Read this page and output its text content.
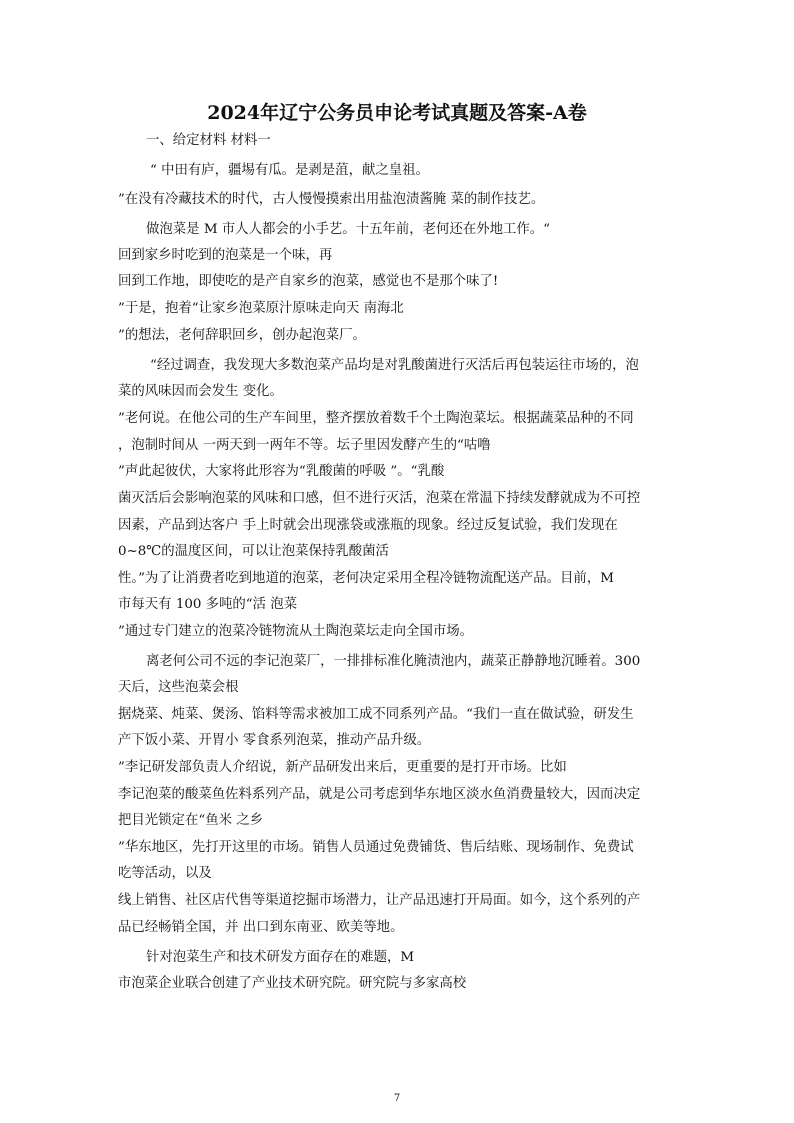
2024年辽宁公务员申论考试真题及答案-A卷
一、给定材料 材料一
“ 中田有庐，疆埸有瓜。是剥是菹，献之皇祖。
”在没有冷藏技术的时代，古人慢慢摸索出用盐泡渍酱腌 菜的制作技艺。
做泡菜是 M 市人人都会的小手艺。十五年前，老何还在外地工作。“
回到家乡时吃到的泡菜是一个味，再
回到工作地，即使吃的是产自家乡的泡菜，感觉也不是那个味了!
”于是，抱着“让家乡泡菜原汁原味走向天 南海北
”的想法，老何辞职回乡，创办起泡菜厂。
“经过调查，我发现大多数泡菜产品均是对乳酸菌进行灭活后再包装运往市场的，泡
菜的风味因而会发生 变化。
”老何说。在他公司的生产车间里，整齐摆放着数千个土陶泡菜坛。根据蔬菜品种的不同
，泡制时间从 一两天到一两年不等。坛子里因发酵产生的“咕噜
”声此起彼伏，大家将此形容为“乳酸菌的呼吸 ”。“乳酸
菌灭活后会影响泡菜的风味和口感，但不进行灭活，泡菜在常温下持续发酵就成为不可控
因素，产品到达客户 手上时就会出现涨袋或涨瓶的现象。经过反复试验，我们发现在
0~8℃的温度区间，可以让泡菜保持乳酸菌活
性。”为了让消费者吃到地道的泡菜，老何决定采用全程冷链物流配送产品。目前，M
市每天有 100 多吨的“活 泡菜
”通过专门建立的泡菜冷链物流从土陶泡菜坛走向全国市场。
离老何公司不远的李记泡菜厂，一排排标准化腌渍池内，蔬菜正静静地沉睡着。300
天后，这些泡菜会根
据烧菜、炖菜、煲汤、馅料等需求被加工成不同系列产品。“我们一直在做试验，研发生
产下饭小菜、开胃小 零食系列泡菜，推动产品升级。
”李记研发部负责人介绍说，新产品研发出来后，更重要的是打开市场。比如
李记泡菜的酸菜鱼佐料系列产品，就是公司考虑到华东地区淡水鱼消费量较大，因而决定
把目光锁定在“鱼米 之乡
”华东地区，先打开这里的市场。销售人员通过免费铺货、售后结账、现场制作、免费试
吃等活动，以及
线上销售、社区店代售等渠道挖掘市场潜力，让产品迅速打开局面。如今，这个系列的产
品已经畅销全国，并 出口到东南亚、欧美等地。
针对泡菜生产和技术研发方面存在的难题，M
市泡菜企业联合创建了产业技术研究院。研究院与多家高校
7
